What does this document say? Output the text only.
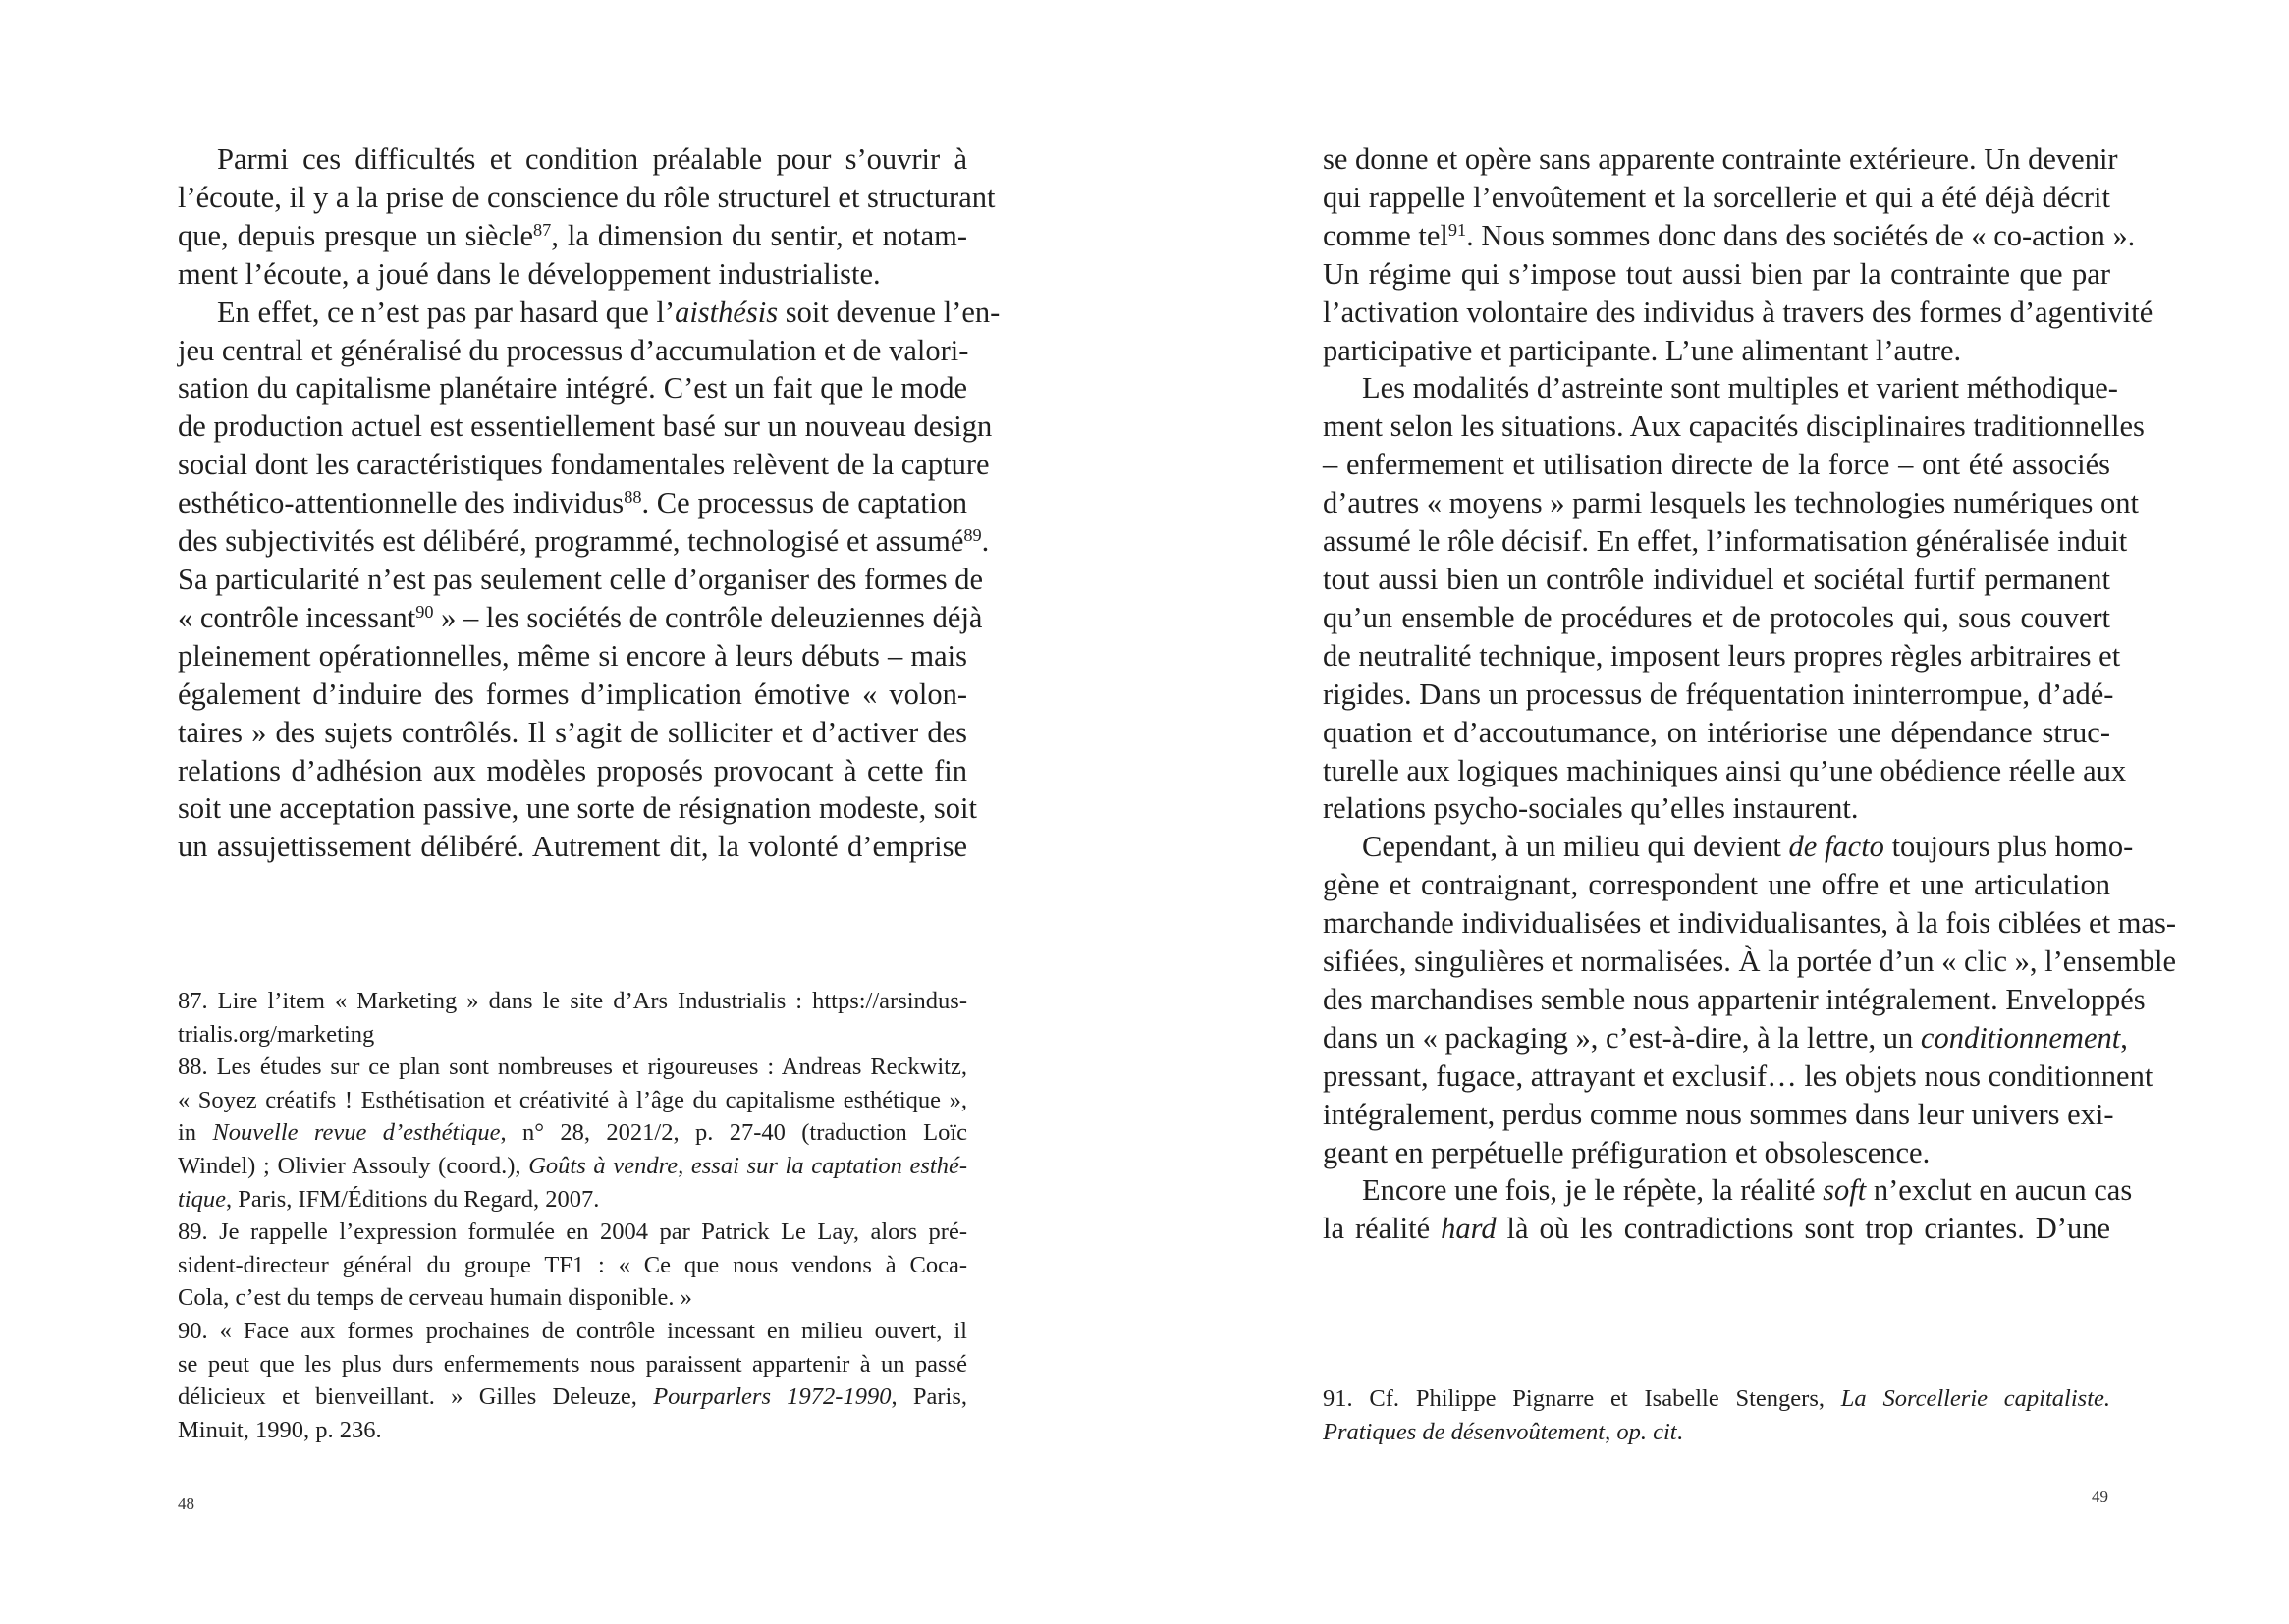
Parmi ces difficultés et condition préalable pour s’ouvrir à
l’écoute, il y a la prise de conscience du rôle structurel et structurant
que, depuis presque un siècle$^{87}$, la dimension du sentir, et notam-
ment l’écoute, a joué dans le développement industrialiste.

En effet, ce n’est pas par hasard que l’aisthésis soit devenue l’en-
jeu central et généralisé du processus d’accumulation et de valori-
sation du capitalisme planétaire intégré. C’est un fait que le mode
de production actuel est essentiellement basé sur un nouveau design
social dont les caractéristiques fondamentales relèvent de la capture
esthético-attentionnelle des individus$^{88}$. Ce processus de captation
des subjectivités est délibéré, programmé, technologisé et assumé$^{89}$.
Sa particularité n’est pas seulement celle d’organiser des formes de
« contrôle incessant$^{90}$ » – les sociétés de contrôle deleuziennes déjà
pleinement opérationnelles, même si encore à leurs débuts – mais
également d’induire des formes d’implication émotive « volon-
taires » des sujets contrôlés. Il s’agit de solliciter et d’activer des
relations d’adhésion aux modèles proposés provocant à cette fin
soit une acceptation passive, une sorte de résignation modeste, soit
un assujettissement délibéré. Autrement dit, la volonté d’emprise

87. Lire l’item « Marketing » dans le site d’Ars Industrialis : https://arsindus-
trialis.org/marketing
88. Les études sur ce plan sont nombreuses et rigoureuses : Andreas Reckwitz,
« Soyez créatifs ! Esthétisation et créativité à l’âge du capitalisme esthétique »,
in Nouvelle revue d’esthétique, n° 28, 2021/2, p. 27-40 (traduction Loïc
Windel) ; Olivier Assouly (coord.), Goûts à vendre, essai sur la captation esthé-
tique, Paris, IFM/Éditions du Regard, 2007.
89. Je rappelle l’expression formulée en 2004 par Patrick Le Lay, alors pré-
sident-directeur général du groupe TF1 : « Ce que nous vendons à Coca-
Cola, c’est du temps de cerveau humain disponible. »
90. « Face aux formes prochaines de contrôle incessant en milieu ouvert, il
se peut que les plus durs enfermements nous paraissent appartenir à un passé
délicieux et bienveillant. » Gilles Deleuze, Pourparlers 1972-1990, Paris,
Minuit, 1990, p. 236.
48

se donne et opère sans apparente contrainte extérieure. Un devenir
qui rappelle l’envoûtement et la sorcellerie et qui a été déjà décrit
comme tel$^{91}$. Nous sommes donc dans des sociétés de « co-action ».
Un régime qui s’impose tout aussi bien par la contrainte que par
l’activation volontaire des individus à travers des formes d’agentivité
participative et participante. L’une alimentant l’autre.

Les modalités d’astreinte sont multiples et varient méthodique-
ment selon les situations. Aux capacités disciplinaires traditionnelles
– enfermement et utilisation directe de la force – ont été associés
d’autres « moyens » parmi lesquels les technologies numériques ont
assumé le rôle décisif. En effet, l’informatisation généralisée induit
tout aussi bien un contrôle individuel et sociétal furtif permanent
qu’un ensemble de procédures et de protocoles qui, sous couvert
de neutralité technique, imposent leurs propres règles arbitraires et
rigides. Dans un processus de fréquentation ininterrompue, d’adé-
quation et d’accoutumance, on intériorise une dépendance struc-
turelle aux logiques machiniques ainsi qu’une obédience réelle aux
relations psycho-sociales qu’elles instaurent.

Cependant, à un milieu qui devient de facto toujours plus homo-
gène et contraignant, correspondent une offre et une articulation
marchande individualisées et individualisantes, à la fois ciblées et mas-
sifiées, singulières et normalisées. À la portée d’un « clic », l’ensemble
des marchandises semble nous appartenir intégralement. Enveloppés
dans un « packaging », c’est-à-dire, à la lettre, un conditionnement,
pressant, fugace, attrayant et exclusif… les objets nous conditionnent
intégralement, perdus comme nous sommes dans leur univers exi-
geant en perpétuelle préfiguration et obsolescence.

Encore une fois, je le répète, la réalité soft n’exclut en aucun cas
la réalité hard là où les contradictions sont trop criantes. D’une

91. Cf. Philippe Pignarre et Isabelle Stengers, La Sorcellerie capitaliste.
Pratiques de désenvoûtement, op. cit.
49
